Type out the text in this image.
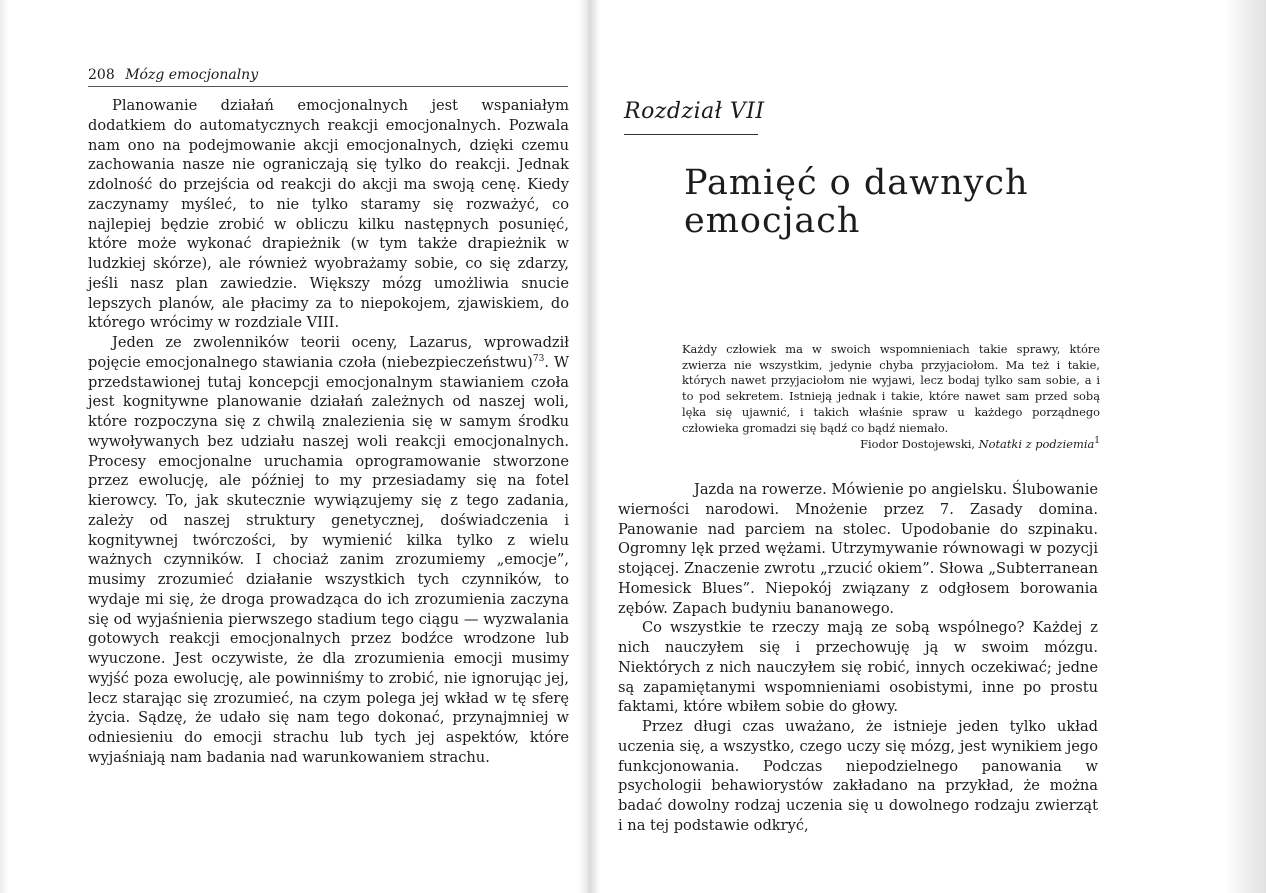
208 Mózg emocjonalny

Planowanie działań emocjonalnych jest wspaniałym dodatkiem do automatycznych reakcji emocjonalnych. Pozwala nam ono na podejmowanie akcji emocjonalnych, dzięki czemu zachowania nasze nie ograniczają się tylko do reakcji. Jednak zdolność do przejścia od reakcji do akcji ma swoją cenę. Kiedy zaczynamy myśleć, to nie tylko staramy się rozważyć, co najlepiej będzie zrobić w obliczu kilku następnych posunięć, które może wykonać drapieżnik (w tym także drapieżnik w ludzkiej skórze), ale również wyobrażamy sobie, co się zdarzy, jeśli nasz plan zawiedzie. Większy mózg umożliwia snucie lepszych planów, ale płacimy za to niepokojem, zjawiskiem, do którego wrócimy w rozdziale VIII.

Jeden ze zwolenników teorii oceny, Lazarus, wprowadził pojęcie emocjonalnego stawiania czoła (niebezpieczeństwu)$^{73}$. W przedstawionej tutaj koncepcji emocjonalnym stawianiem czoła jest kognitywne planowanie działań zależnych od naszej woli, które rozpoczyna się z chwilą znalezienia się w samym środku wywoływanych bez udziału naszej woli reakcji emocjonalnych. Procesy emocjonalne uruchamia oprogramowanie stworzone przez ewolucję, ale później to my przesiadamy się na fotel kierowcy. To, jak skutecznie wywiązujemy się z tego zadania, zależy od naszej struktury genetycznej, doświadczenia i kognitywnej twórczości, by wymienić kilka tylko z wielu ważnych czynników. I chociaż zanim zrozumiemy „emocje”, musimy zrozumieć działanie wszystkich tych czynników, to wydaje mi się, że droga prowadząca do ich zrozumienia zaczyna się od wyjaśnienia pierwszego stadium tego ciągu — wyzwalania gotowych reakcji emocjonalnych przez bodźce wrodzone lub wyuczone. Jest oczywiste, że dla zrozumienia emocji musimy wyjść poza ewolucję, ale powinniśmy to zrobić, nie ignorując jej, lecz starając się zrozumieć, na czym polega jej wkład w tę sferę życia. Sądzę, że udało się nam tego dokonać, przynajmniej w odniesieniu do emocji strachu lub tych jej aspektów, które wyjaśniają nam badania nad warunkowaniem strachu.

Rozdział VII
Pamięć o dawnych
emocjach
Każdy człowiek ma w swoich wspomnieniach takie sprawy, które zwierza nie wszystkim, jedynie chyba przyjaciołom. Ma też i takie, których nawet przyjaciołom nie wyjawi, lecz bodaj tylko sam sobie, a i to pod sekretem. Istnieją jednak i takie, które nawet sam przed sobą lęka się ujawnić, i takich właśnie spraw u każdego porządnego człowieka gromadzi się bądź co bądź niemało.
Fiodor Dostojewski, Notatki z podziemia$^1$

Jazda na rowerze. Mówienie po angielsku. Ślubowanie wierności narodowi. Mnożenie przez 7. Zasady domina. Panowanie nad parciem na stolec. Upodobanie do szpinaku. Ogromny lęk przed wężami. Utrzymywanie równowagi w pozycji stojącej. Znaczenie zwrotu „rzucić okiem”. Słowa „Subterranean Homesick Blues”. Niepokój związany z odgłosem borowania zębów. Zapach budyniu bananowego.

Co wszystkie te rzeczy mają ze sobą wspólnego? Każdej z nich nauczyłem się i przechowuję ją w swoim mózgu. Niektórych z nich nauczyłem się robić, innych oczekiwać; jedne są zapamiętanymi wspomnieniami osobistymi, inne po prostu faktami, które wbiłem sobie do głowy.

Przez długi czas uważano, że istnieje jeden tylko układ uczenia się, a wszystko, czego uczy się mózg, jest wynikiem jego funkcjonowania. Podczas niepodzielnego panowania w psychologii behawiorystów zakładano na przykład, że można badać dowolny rodzaj uczenia się u dowolnego rodzaju zwierząt i na tej podstawie odkryć,
